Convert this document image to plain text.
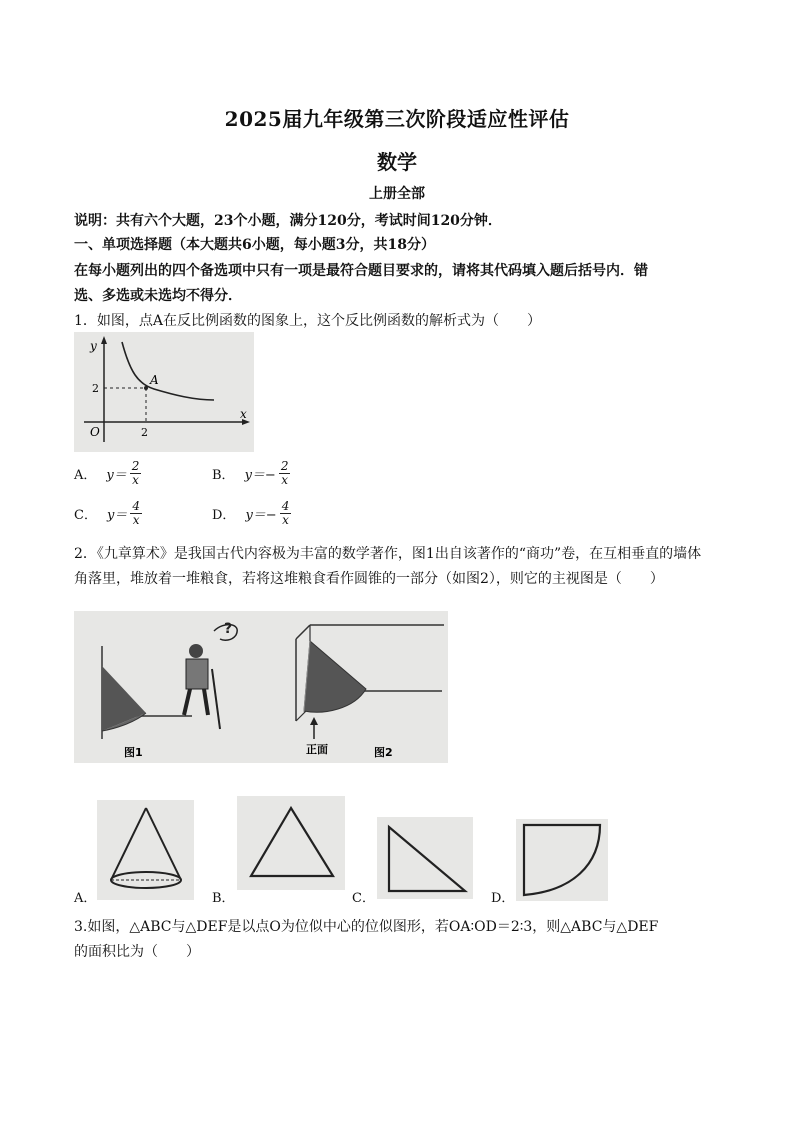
2025届九年级第三次阶段适应性评估
数学
上册全部
说明：共有六个大题，23个小题，满分120分，考试时间120分钟．
一、单项选择题（本大题共6小题，每小题3分，共18分）
在每小题列出的四个备选项中只有一项是最符合题目要求的，请将其代码填入题后括号内．错
选、多选或未选均不得分．
1．如图，点A在反比例函数的图象上，这个反比例函数的解析式为（　　）
y
x
O
A
2
2
A． $y= \frac{2}{x}$	B． $y=- \frac{2}{x}$
C． $y= \frac{4}{x}$	D． $y=- \frac{4}{x}$
2．《九章算术》是我国古代内容极为丰富的数学著作，图1出自该著作的“商功”卷，在互相垂直的墙体
角落里，堆放着一堆粮食，若将这堆粮食看作圆锥的一部分（如图2），则它的主视图是（　　）
?
图1	正面	图2
A．	B．	C．	D．
3.如图，△ABC与△DEF是以点O为位似中心的位似图形，若OA∶OD＝2∶3，则△ABC与△DEF
的面积比为（　　）
